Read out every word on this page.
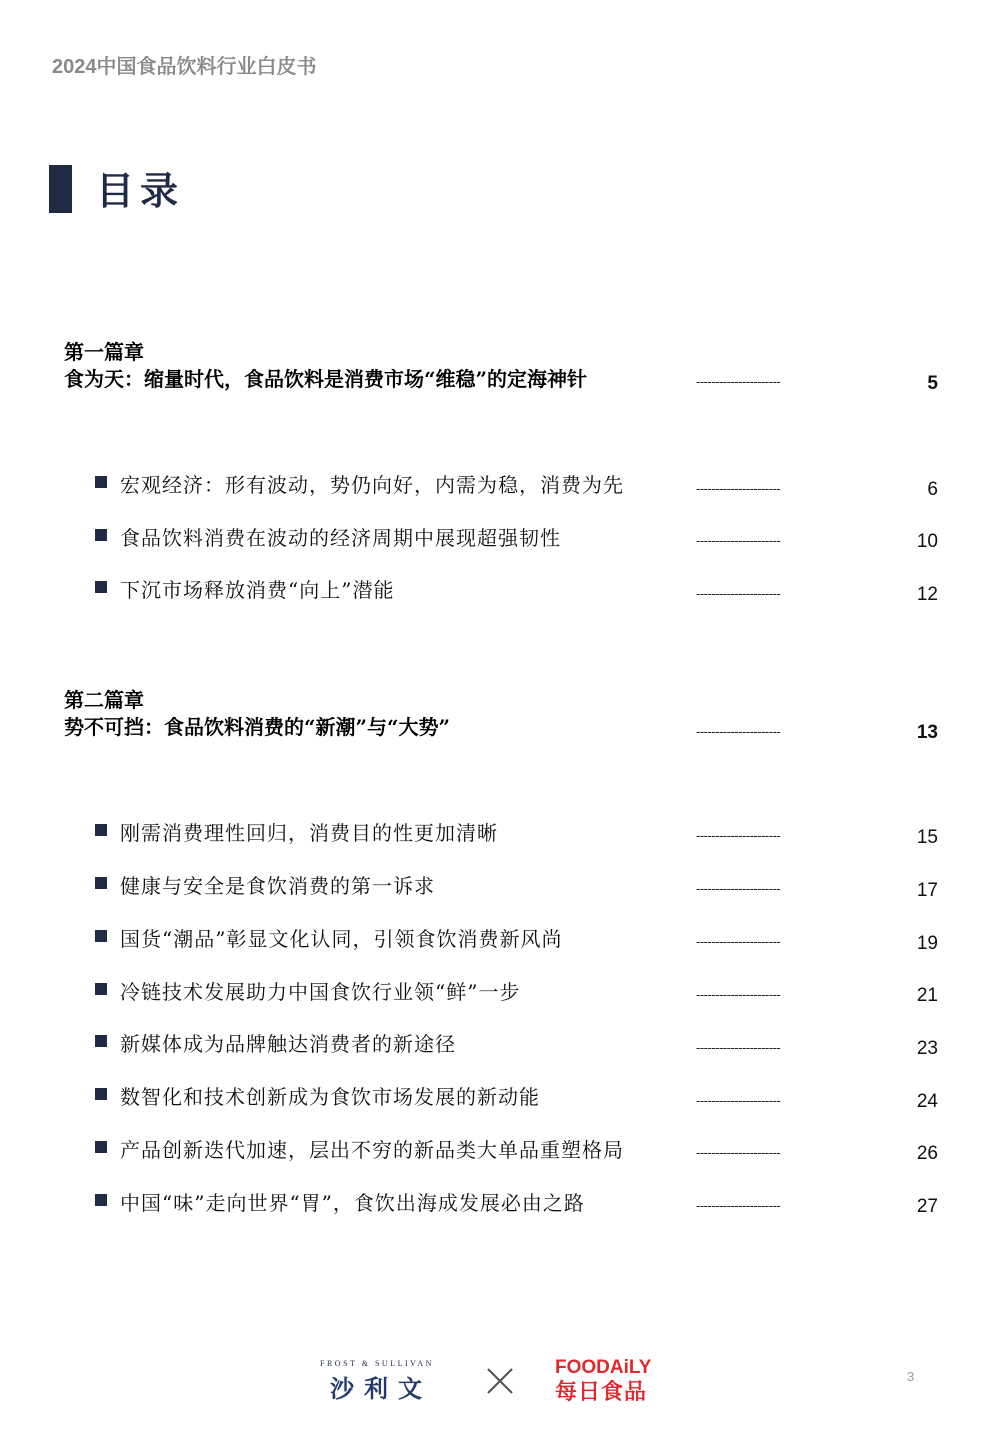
2024中国食品饮料行业白皮书
目录
第一篇章
食为天：缩量时代，食品饮料是消费市场“维稳”的定海神针	----------------------	5
宏观经济：形有波动，势仍向好，内需为稳，消费为先	----------------------	6
食品饮料消费在波动的经济周期中展现超强韧性	----------------------	10
下沉市场释放消费“向上”潜能	----------------------	12
第二篇章
势不可挡：食品饮料消费的“新潮”与“大势”	----------------------	13
刚需消费理性回归，消费目的性更加清晰	----------------------	15
健康与安全是食饮消费的第一诉求	----------------------	17
国货“潮品”彰显文化认同，引领食饮消费新风尚	----------------------	19
冷链技术发展助力中国食饮行业领“鲜”一步	----------------------	21
新媒体成为品牌触达消费者的新途径	----------------------	23
数智化和技术创新成为食饮市场发展的新动能	----------------------	24
产品创新迭代加速，层出不穷的新品类大单品重塑格局	----------------------	26
中国“味”走向世界“胃”，食饮出海成发展必由之路	----------------------	27
FROST & SULLIVAN
沙利文
FOODAiLY
每日食品
3
